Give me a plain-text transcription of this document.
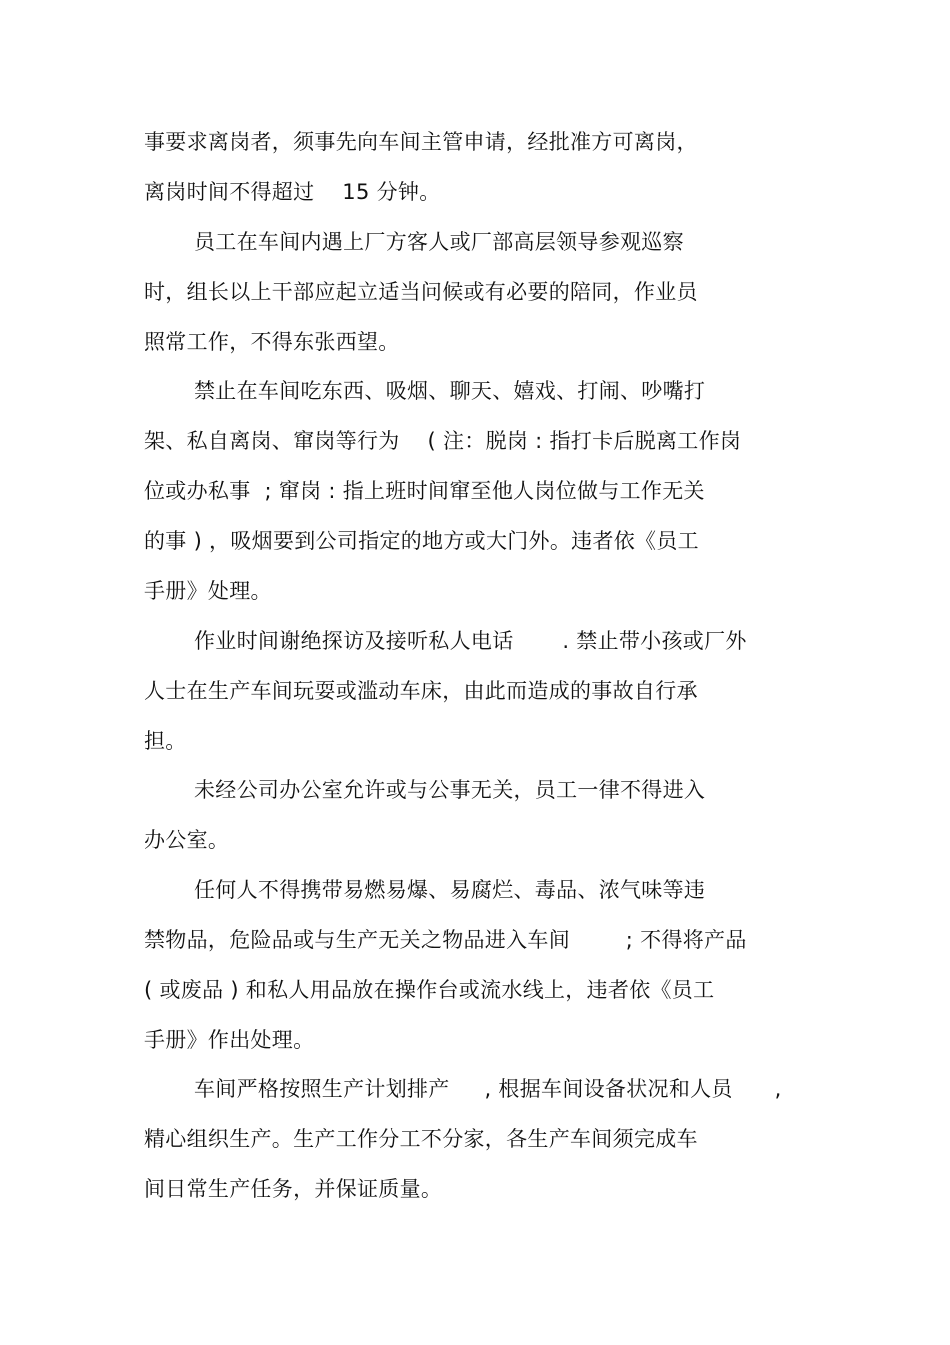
事要求离岗者，须事先向车间主管申请，经批准方可离岗，
离岗时间不得超过    15 分钟。
员工在车间内遇上厂方客人或厂部高层领导参观巡察
时，组长以上干部应起立适当问候或有必要的陪同，作业员
照常工作，不得东张西望。
禁止在车间吃东西、吸烟、聊天、嬉戏、打闹、吵嘴打
架、私自离岗、窜岗等行为    ( 注：脱岗 : 指打卡后脱离工作岗
位或办私事  ; 窜岗 : 指上班时间窜至他人岗位做与工作无关
的事 ) ，吸烟要到公司指定的地方或大门外。违者依《员工
手册》处理。
作业时间谢绝探访及接听私人电话       . 禁止带小孩或厂外
人士在生产车间玩耍或滥动车床，由此而造成的事故自行承
担。
未经公司办公室允许或与公事无关，员工一律不得进入
办公室。
任何人不得携带易燃易爆、易腐烂、毒品、浓气味等违
禁物品，危险品或与生产无关之物品进入车间        ; 不得将产品
( 或废品 ) 和私人用品放在操作台或流水线上，违者依《员工
手册》作出处理。
车间严格按照生产计划排产     , 根据车间设备状况和人员      ,
精心组织生产。生产工作分工不分家，各生产车间须完成车
间日常生产任务，并保证质量。
